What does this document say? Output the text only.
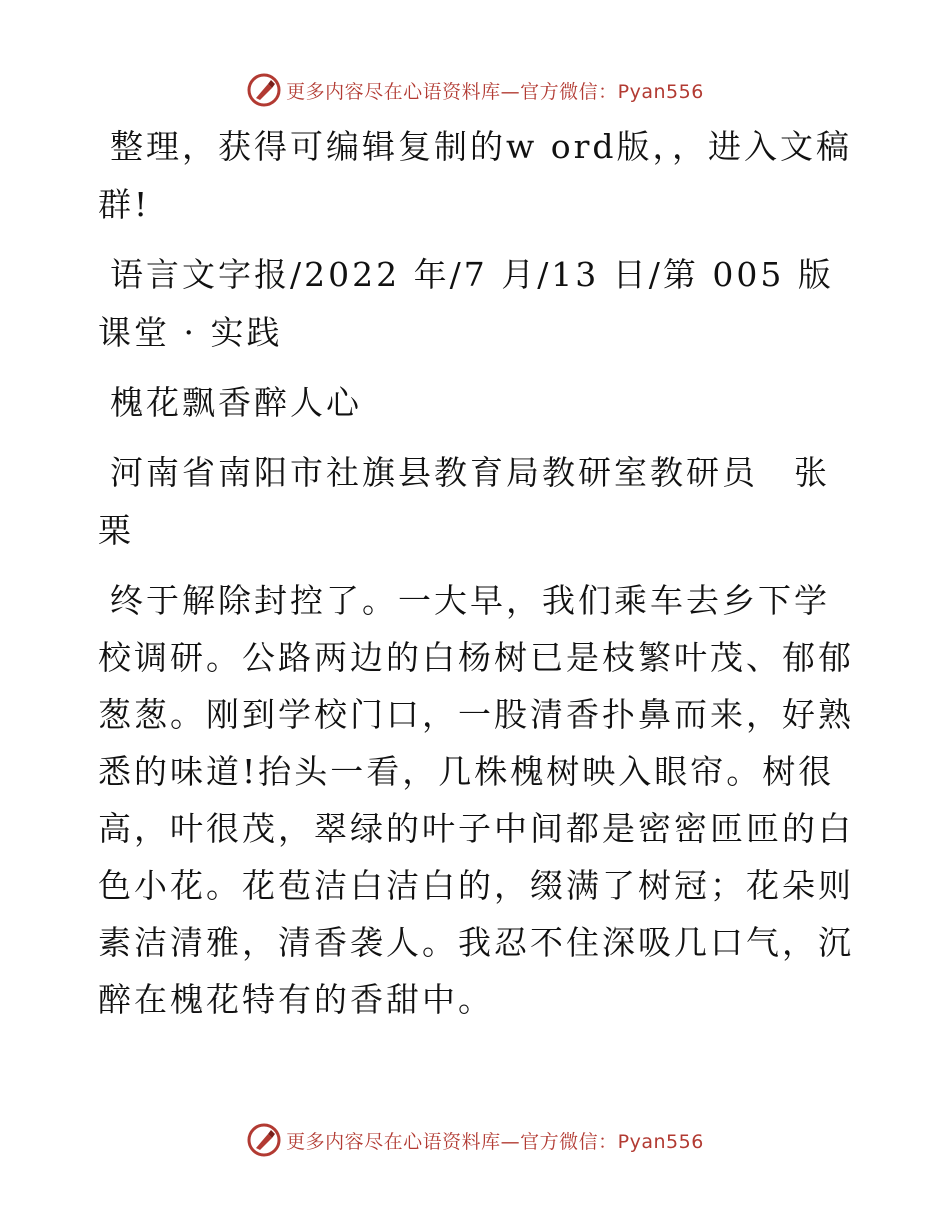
更多内容尽在心语资料库—官方微信：Pyan556

整理，获得可编辑复制的w ord版，，进入文稿群!

语言文字报/2022 年/7 月/13 日/第 005 版课堂 · 实践

槐花飘香醉人心

河南省南阳市社旗县教育局教研室教研员　张栗

终于解除封控了。一大早，我们乘车去乡下学校调研。公路两边的白杨树已是枝繁叶茂、郁郁葱葱。刚到学校门口，一股清香扑鼻而来，好熟悉的味道!抬头一看，几株槐树映入眼帘。树很高，叶很茂，翠绿的叶子中间都是密密匝匝的白色小花。花苞洁白洁白的，缀满了树冠；花朵则素洁清雅，清香袭人。我忍不住深吸几口气，沉醉在槐花特有的香甜中。

更多内容尽在心语资料库—官方微信：Pyan556
